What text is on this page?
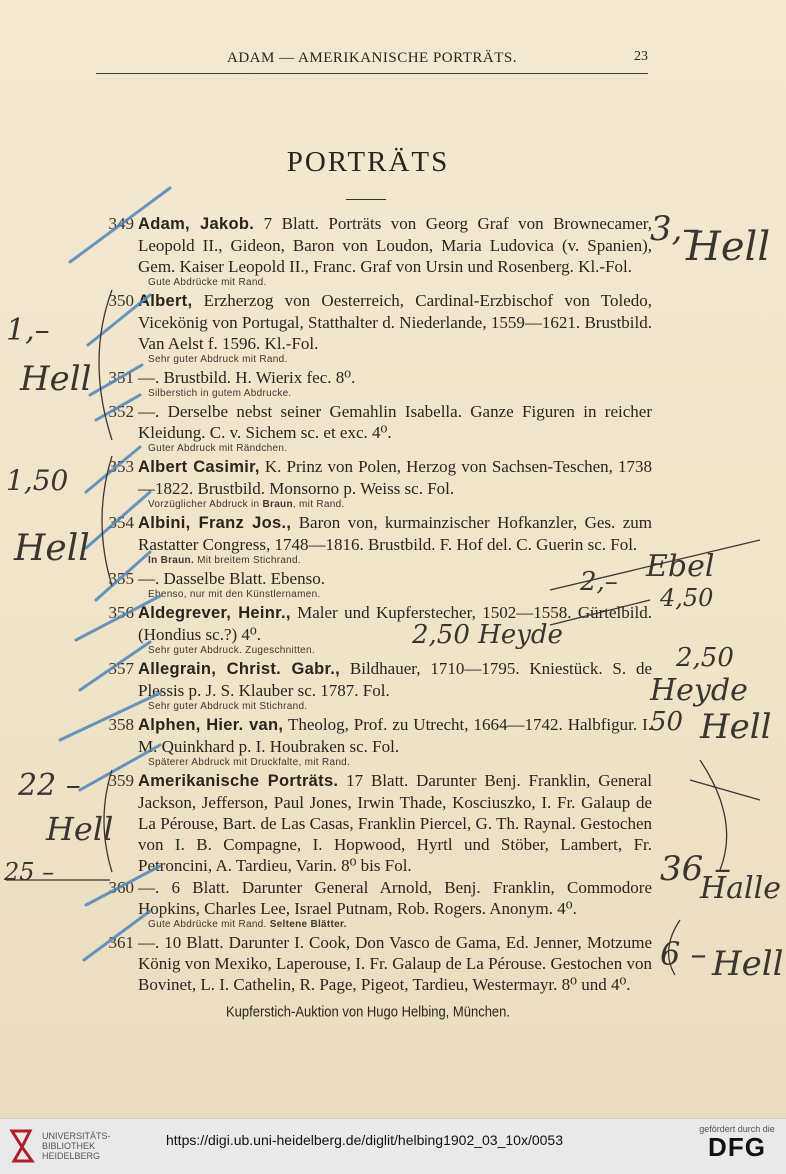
ADAM — AMERIKANISCHE PORTRÄTS.	23
PORTRÄTS
349 Adam, Jakob. 7 Blatt. Porträts von Georg Graf von Brownecamer, Leopold II., Gideon, Baron von Loudon, Maria Ludovica (v. Spanien), Gem. Kaiser Leopold II., Franc. Graf von Ursin und Rosenberg. Kl.-Fol.

Gute Abdrücke mit Rand.
350 Albert, Erzherzog von Oesterreich, Cardinal-Erzbischof von Toledo, Vicekönig von Portugal, Statthalter d. Niederlande, 1559—1621. Brustbild. Van Aelst f. 1596. Kl.-Fol.

Sehr guter Abdruck mit Rand.
351 —. Brustbild. H. Wierix fec. 8⁰.

Silberstich in gutem Abdrucke.
352 —. Derselbe nebst seiner Gemahlin Isabella. Ganze Figuren in reicher Kleidung. C. v. Sichem sc. et exc. 4⁰.

Guter Abdruck mit Rändchen.
353 Albert Casimir, K. Prinz von Polen, Herzog von Sachsen-Teschen, 1738—1822. Brustbild. Monsorno p. Weiss sc. Fol.

Vorzüglicher Abdruck in Braun, mit Rand.
354 Albini, Franz Jos., Baron von, kurmainzischer Hofkanzler, Ges. zum Rastatter Congress, 1748—1816. Brustbild. F. Hof del. C. Guerin sc. Fol.

In Braun. Mit breitem Stichrand.
355 —. Dasselbe Blatt. Ebenso.

Ebenso, nur mit den Künstlernamen.
356 Aldegrever, Heinr., Maler und Kupferstecher, 1502—1558. Gürtelbild. (Hondius sc.?) 4⁰.

Sehr guter Abdruck. Zugeschnitten.
357 Allegrain, Christ. Gabr., Bildhauer, 1710—1795. Kniestück. S. de Plessis p. J. S. Klauber sc. 1787. Fol.

Sehr guter Abdruck mit Stichrand.
358 Alphen, Hier. van, Theolog, Prof. zu Utrecht, 1664—1742. Halbfigur. I. M. Quinkhard p. I. Houbraken sc. Fol.

Späterer Abdruck mit Druckfalte, mit Rand.
359 Amerikanische Porträts. 17 Blatt. Darunter Benj. Franklin, General Jackson, Jefferson, Paul Jones, Irwin Thade, Kosciuszko, I. Fr. Galaup de La Pérouse, Bart. de Las Casas, Franklin Piercel, G. Th. Raynal. Gestochen von I. B. Compagne, I. Hopwood, Hyrtl und Stöber, Lambert, Fr. Petroncini, A. Tardieu, Varin. 8⁰ bis Fol.

360 —. 6 Blatt. Darunter General Arnold, Benj. Franklin, Commodore Hopkins, Charles Lee, Israel Putnam, Rob. Rogers. Anonym. 4⁰.

Gute Abdrücke mit Rand. Seltene Blätter.
361 —. 10 Blatt. Darunter I. Cook, Don Vasco de Gama, Ed. Jenner, Motzume König von Mexiko, Laperouse, I. Fr. Galaup de La Pérouse. Gestochen von Bovinet, L. I. Cathelin, R. Page, Pigeot, Tardieu, Westermayr. 8⁰ und 4⁰.

Kupferstich-Auktion von Hugo Helbing, München.
3,–
Hell
1,–
Hell
1,50
Hell
2,– Ebel
4,50
2,50 Heyde
2,50
Heyde
50 Hell
22 –
Hell
25 –	36 –
Halle
6 – Hell
UNIVERSITÄTS-
BIBLIOTHEK
HEIDELBERG
https://digi.ub.uni-heidelberg.de/diglit/helbing1902_03_10x/0053
gefördert durch die
DFG
